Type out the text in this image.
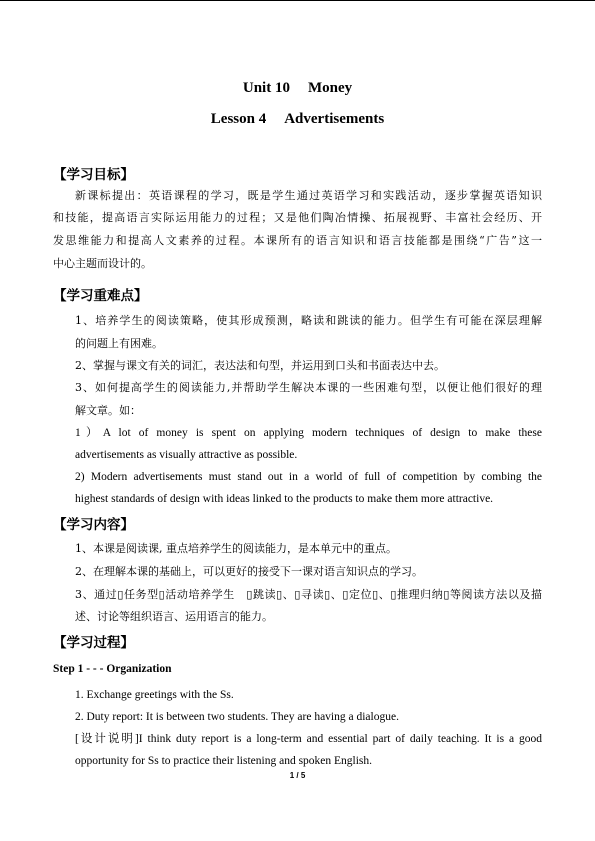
Unit 10 Money
Lesson 4 Advertisements
【学习目标】
新课标提出：英语课程的学习，既是学生通过英语学习和实践活动，逐步掌握英语知识
和技能，提高语言实际运用能力的过程；又是他们陶冶情操、拓展视野、丰富社会经历、开
发思维能力和提高人文素养的过程。本课所有的语言知识和语言技能都是围绕“广告”这一
中心主题而设计的。
【学习重难点】
1、培养学生的阅读策略，使其形成预测，略读和跳读的能力。但学生有可能在深层理解
的问题上有困难。
2、掌握与课文有关的词汇，表达法和句型，并运用到口头和书面表达中去。
3、如何提高学生的阅读能力,并帮助学生解决本课的一些困难句型，以便让他们很好的理
解文章。如：
1）A lot of money is spent on applying modern techniques of design to make these
advertisements as visually attractive as possible.
2) Modern advertisements must stand out in a world of full of competition by combing the
highest standards of design with ideas linked to the products to make them more attractive.
【学习内容】
1、本课是阅读课, 重点培养学生的阅读能力，是本单元中的重点。
2、在理解本课的基础上，可以更好的接受下一课对语言知识点的学习。
3、通过▯任务型▯活动培养学生　▯跳读▯、▯寻读▯、▯定位▯、▯推理归纳▯等阅读方法以及描
述、讨论等组织语言、运用语言的能力。
【学习过程】
Step 1 - - - Organization
1. Exchange greetings with the Ss.
2. Duty report: It is between two students. They are having a dialogue.
[设计说明]I think duty report is a long-term and essential part of daily teaching. It is a good
opportunity for Ss to practice their listening and spoken English.
1 / 5
